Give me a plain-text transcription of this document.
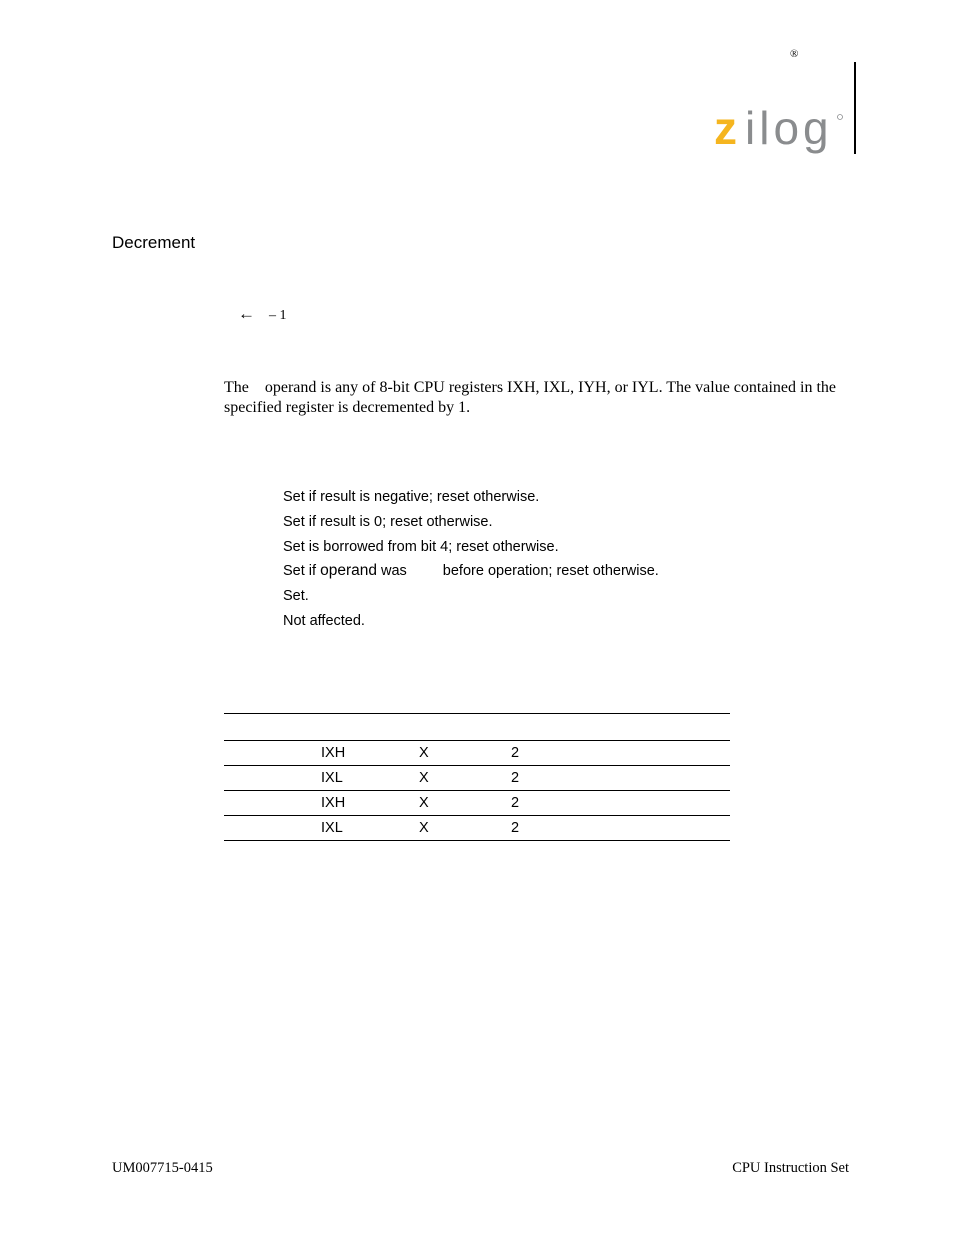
®
z ilog
Decrement
← – 1
The operand is any of 8-bit CPU registers IXH, IXL, IYH, or IYL. The value contained in the specified register is decremented by 1.
Set if result is negative; reset otherwise.
Set if result is 0; reset otherwise.
Set is borrowed from bit 4; reset otherwise.
Set if operand was before operation; reset otherwise.
Set.
Not affected.

	IXH	X	2
	IXL	X	2
	IXH	X	2
	IXL	X	2
UM007715-0415	CPU Instruction Set
